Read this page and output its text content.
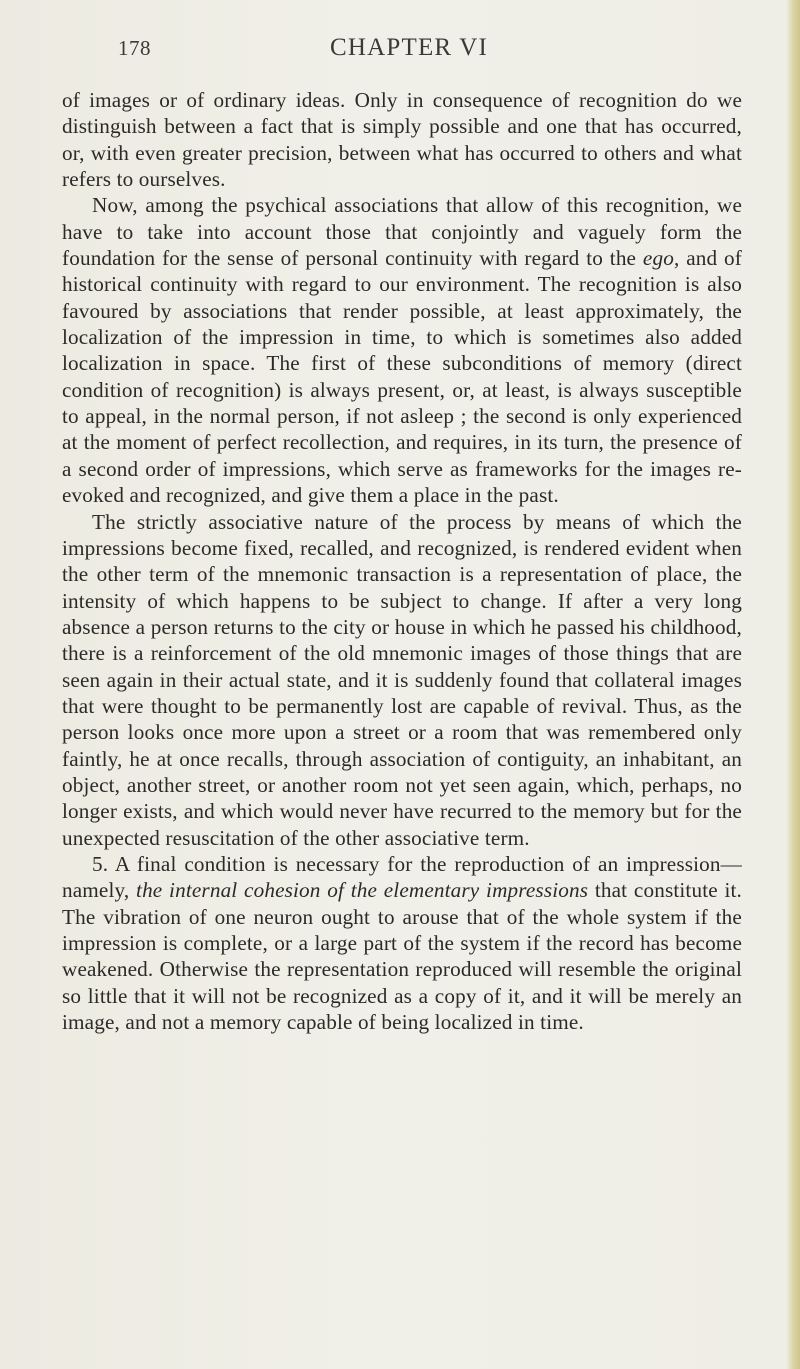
178	CHAPTER VI

of images or of ordinary ideas. Only in consequence of recognition do we distinguish between a fact that is simply possible and one that has occurred, or, with even greater precision, between what has occurred to others and what refers to ourselves.

Now, among the psychical associations that allow of this recognition, we have to take into account those that conjointly and vaguely form the foundation for the sense of personal continuity with regard to the ego, and of historical continuity with regard to our environment. The recognition is also favoured by associations that render possible, at least approximately, the localization of the impression in time, to which is sometimes also added localization in space. The first of these subconditions of memory (direct condition of recognition) is always present, or, at least, is always susceptible to appeal, in the normal person, if not asleep ; the second is only experienced at the moment of perfect recollection, and requires, in its turn, the presence of a second order of impressions, which serve as frameworks for the images re-evoked and recognized, and give them a place in the past.

The strictly associative nature of the process by means of which the impressions become fixed, recalled, and recognized, is rendered evident when the other term of the mnemonic transaction is a representation of place, the intensity of which happens to be subject to change. If after a very long absence a person returns to the city or house in which he passed his childhood, there is a reinforcement of the old mnemonic images of those things that are seen again in their actual state, and it is suddenly found that collateral images that were thought to be permanently lost are capable of revival. Thus, as the person looks once more upon a street or a room that was remembered only faintly, he at once recalls, through association of contiguity, an inhabitant, an object, another street, or another room not yet seen again, which, perhaps, no longer exists, and which would never have recurred to the memory but for the unexpected resuscitation of the other associative term.

5. A final condition is necessary for the reproduction of an impression—namely, the internal cohesion of the elementary impressions that constitute it. The vibration of one neuron ought to arouse that of the whole system if the impression is complete, or a large part of the system if the record has become weakened. Otherwise the representation reproduced will resemble the original so little that it will not be recognized as a copy of it, and it will be merely an image, and not a memory capable of being localized in time.
